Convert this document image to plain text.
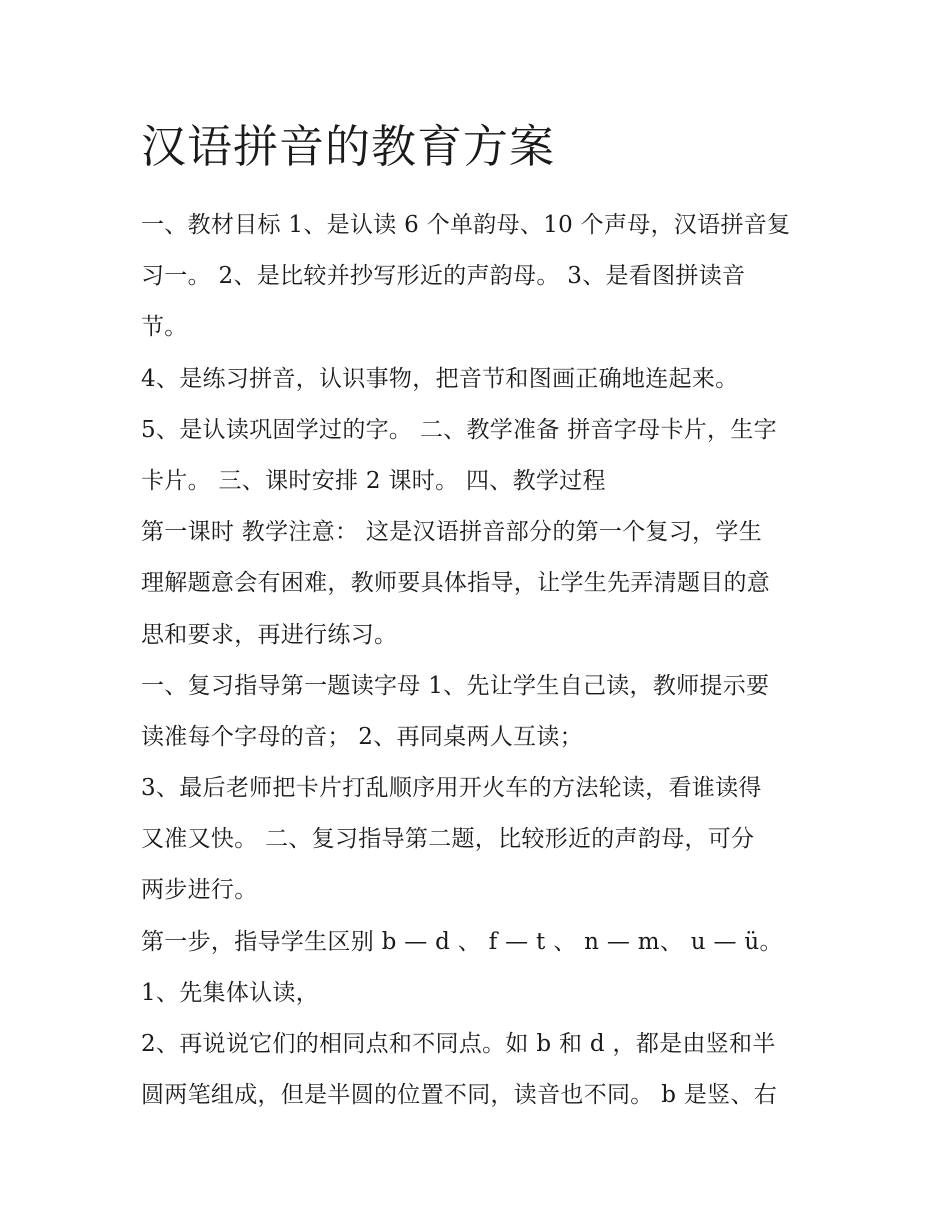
汉语拼音的教育方案
一、教材目标 1、是认读 6 个单韵母、10 个声母，汉语拼音复
习一。 2、是比较并抄写形近的声韵母。 3、是看图拼读音
节。
4、是练习拼音，认识事物，把音节和图画正确地连起来。
5、是认读巩固学过的字。 二、教学准备 拼音字母卡片，生字
卡片。 三、课时安排 2 课时。 四、教学过程
第一课时 教学注意： 这是汉语拼音部分的第一个复习，学生
理解题意会有困难，教师要具体指导，让学生先弄清题目的意
思和要求，再进行练习。
一、复习指导第一题读字母 1、先让学生自己读，教师提示要
读准每个字母的音； 2、再同桌两人互读；
3、最后老师把卡片打乱顺序用开火车的方法轮读，看谁读得
又准又快。 二、复习指导第二题，比较形近的声韵母，可分
两步进行。
第一步，指导学生区别 b — d 、 f — t 、 n — m、 u — ü。
1、先集体认读，
2、再说说它们的相同点和不同点。如 b 和 d ，都是由竖和半
圆两笔组成，但是半圆的位置不同，读音也不同。 b 是竖、右
